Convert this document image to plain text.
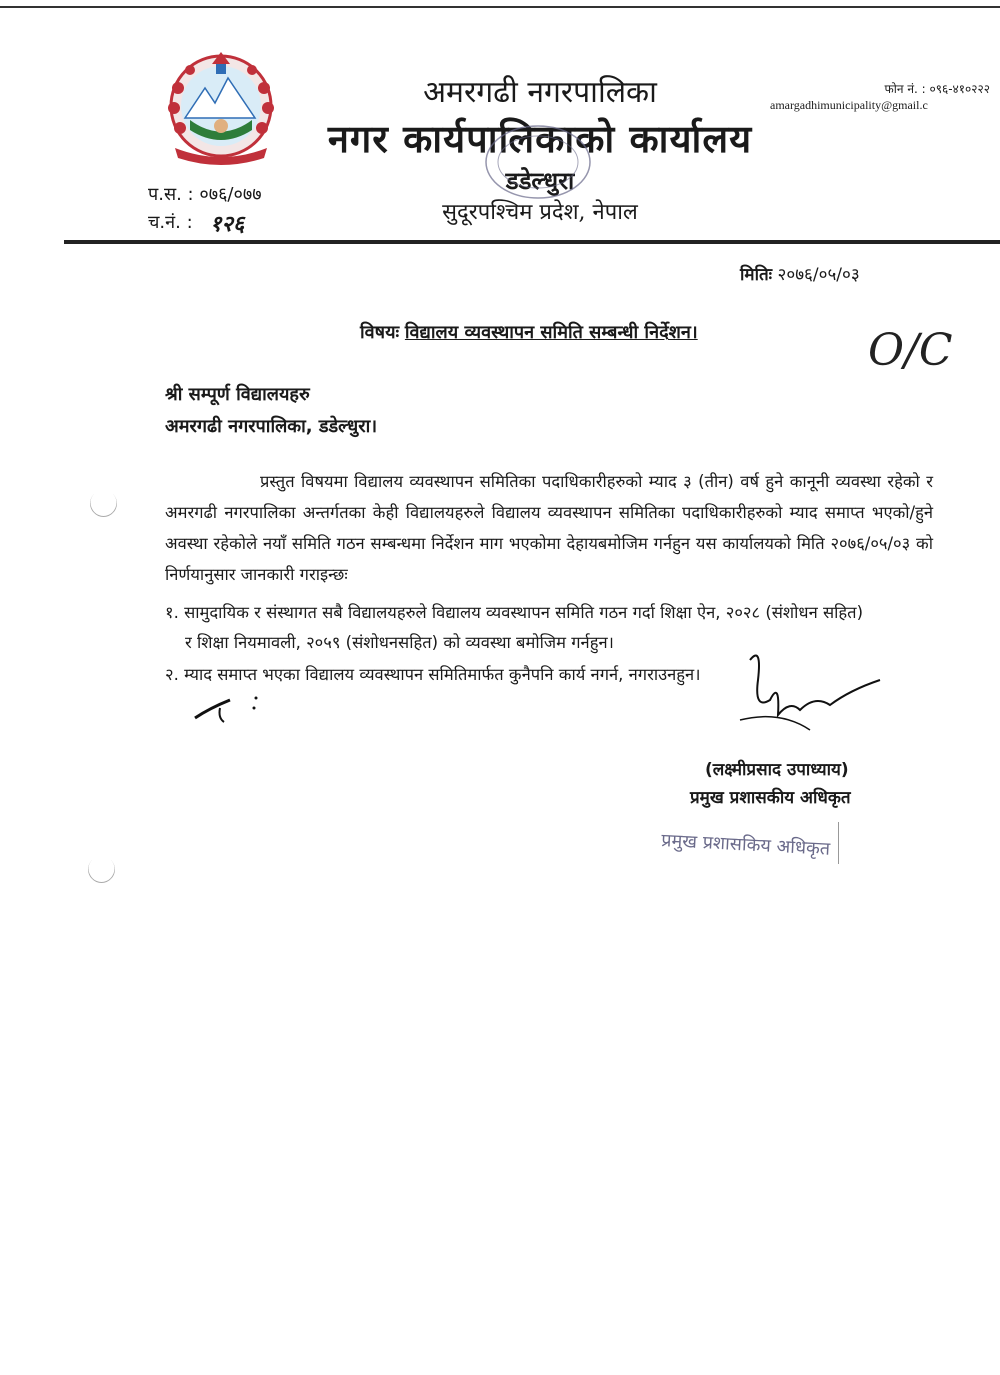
अमरगढी नगरपालिका
नगर कार्यपालिकाको कार्यालय
डडेल्धुरा
सुदूरपश्चिम प्रदेश, नेपाल
फोन नं. : ०९६-४१०२२२
amargadhimunicipality@gmail.c
प.स. : ०७६/०७७
च.नं. : १२६
मितिः २०७६/०५/०३
विषयः विद्यालय व्यवस्थापन समिति सम्बन्धी निर्देशन।	O/C
श्री सम्पूर्ण विद्यालयहरु
अमरगढी नगरपालिका, डडेल्धुरा।
प्रस्तुत विषयमा विद्यालय व्यवस्थापन समितिका पदाधिकारीहरुको म्याद ३ (तीन) वर्ष हुने कानूनी व्यवस्था रहेको र अमरगढी नगरपालिका अन्तर्गतका केही विद्यालयहरुले विद्यालय व्यवस्थापन समितिका पदाधिकारीहरुको म्याद समाप्त भएको/हुने अवस्था रहेकोले नयाँ समिति गठन सम्बन्धमा निर्देशन माग भएकोमा देहायबमोजिम गर्नहुन यस कार्यालयको मिति २०७६/०५/०३ को निर्णयानुसार जानकारी गराइन्छः
१. सामुदायिक र संस्थागत सबै विद्यालयहरुले विद्यालय व्यवस्थापन समिति गठन गर्दा शिक्षा ऐन, २०२८ (संशोधन सहित)
र शिक्षा नियमावली, २०५९ (संशोधनसहित) को व्यवस्था बमोजिम गर्नहुन।
२. म्याद समाप्त भएका विद्यालय व्यवस्थापन समितिमार्फत कुनैपनि कार्य नगर्न, नगराउनहुन।
(लक्ष्मीप्रसाद उपाध्याय)
प्रमुख प्रशासकीय अधिकृत
प्रमुख प्रशासकिय अधिकृत
